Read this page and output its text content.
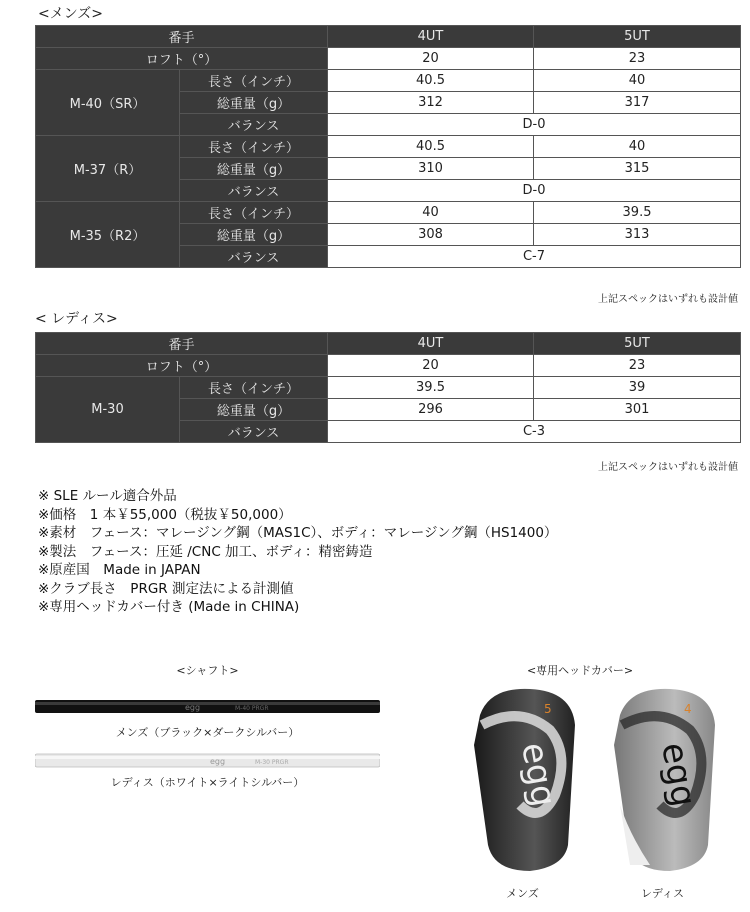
<メンズ>
番手		4UT	5UT
ロフト（°）		20	23
M-40（SR）	長さ（インチ）	40.5	40
	総重量（g）	312	317
	バランス	D-0	
M-37（R）	長さ（インチ）	40.5	40
	総重量（g）	310	315
	バランス	D-0	
M-35（R2）	長さ（インチ）	40	39.5
	総重量（g）	308	313
	バランス	C-7	
上記スペックはいずれも設計値
< レディス>
番手		4UT	5UT
ロフト（°）		20	23
M-30	長さ（インチ）	39.5	39
	総重量（g）	296	301
	バランス	C-3	
上記スペックはいずれも設計値
※ SLE ルール適合外品
※価格　1 本￥55,000（税抜￥50,000）
※素材　フェース：マレージング鋼（MAS1C）、ボディ：マレージング鋼（HS1400）
※製法　フェース：圧延 /CNC 加工、ボディ：精密鋳造
※原産国　Made in JAPAN
※クラブ長さ　PRGR 測定法による計測値
※専用ヘッドカバー付き (Made in CHINA)
<シャフト>
egg	M-40 PRGR
メンズ（ブラック×ダークシルバー）
egg	M-30 PRGR
レディス（ホワイト×ライトシルバー）
<専用ヘッドカバー>
egg
5
メンズ
egg
4
レディス
